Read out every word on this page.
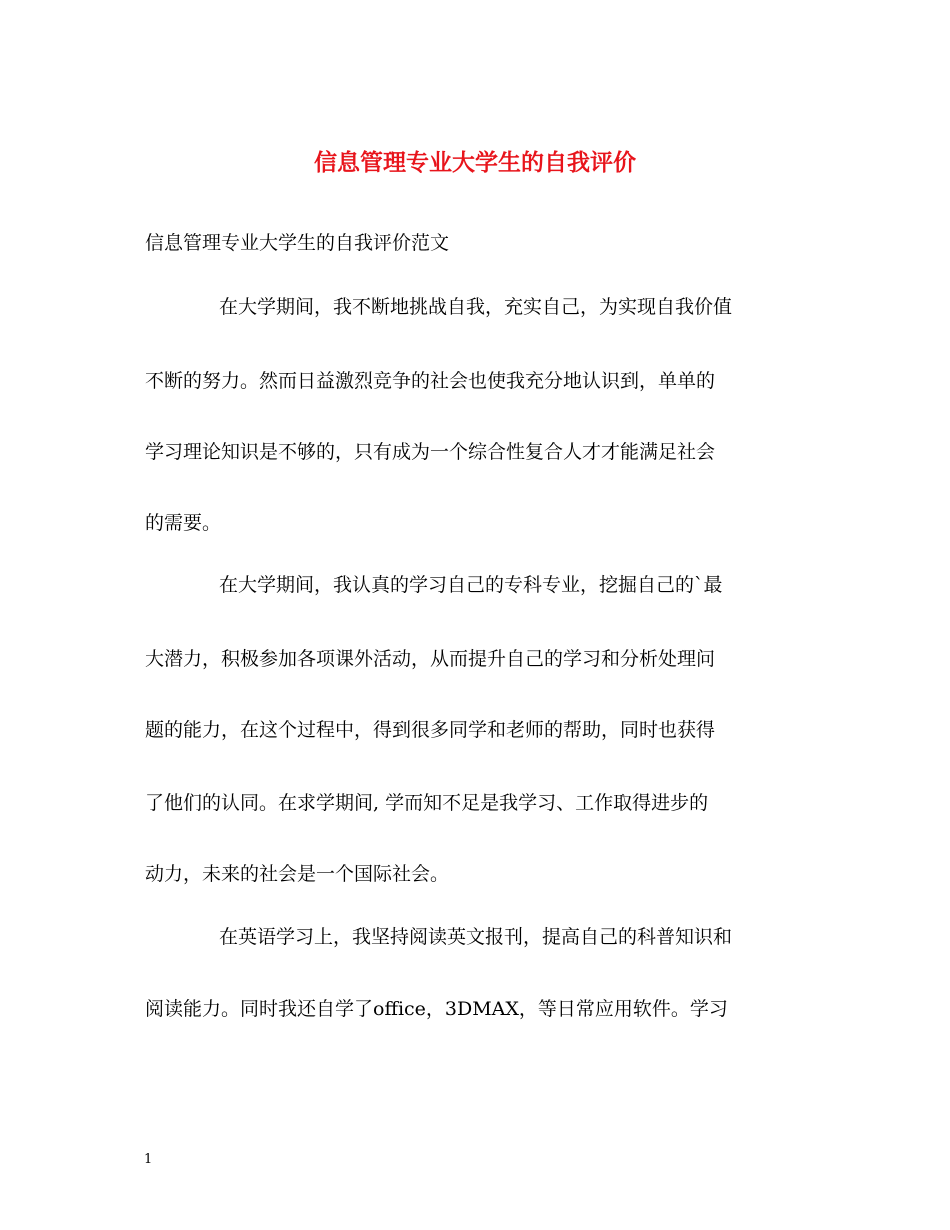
信息管理专业大学生的自我评价

信息管理专业大学生的自我评价范文

在大学期间，我不断地挑战自我，充实自己，为实现自我价值

不断的努力。然而日益激烈竞争的社会也使我充分地认识到，单单的

学习理论知识是不够的，只有成为一个综合性复合人才才能满足社会

的需要。

在大学期间，我认真的学习自己的专科专业，挖掘自己的`最

大潜力，积极参加各项课外活动，从而提升自己的学习和分析处理问

题的能力，在这个过程中，得到很多同学和老师的帮助，同时也获得

了他们的认同。在求学期间, 学而知不足是我学习、工作取得进步的

动力，未来的社会是一个国际社会。

在英语学习上，我坚持阅读英文报刊，提高自己的科普知识和

阅读能力。同时我还自学了office，3DMAX，等日常应用软件。学习

1
